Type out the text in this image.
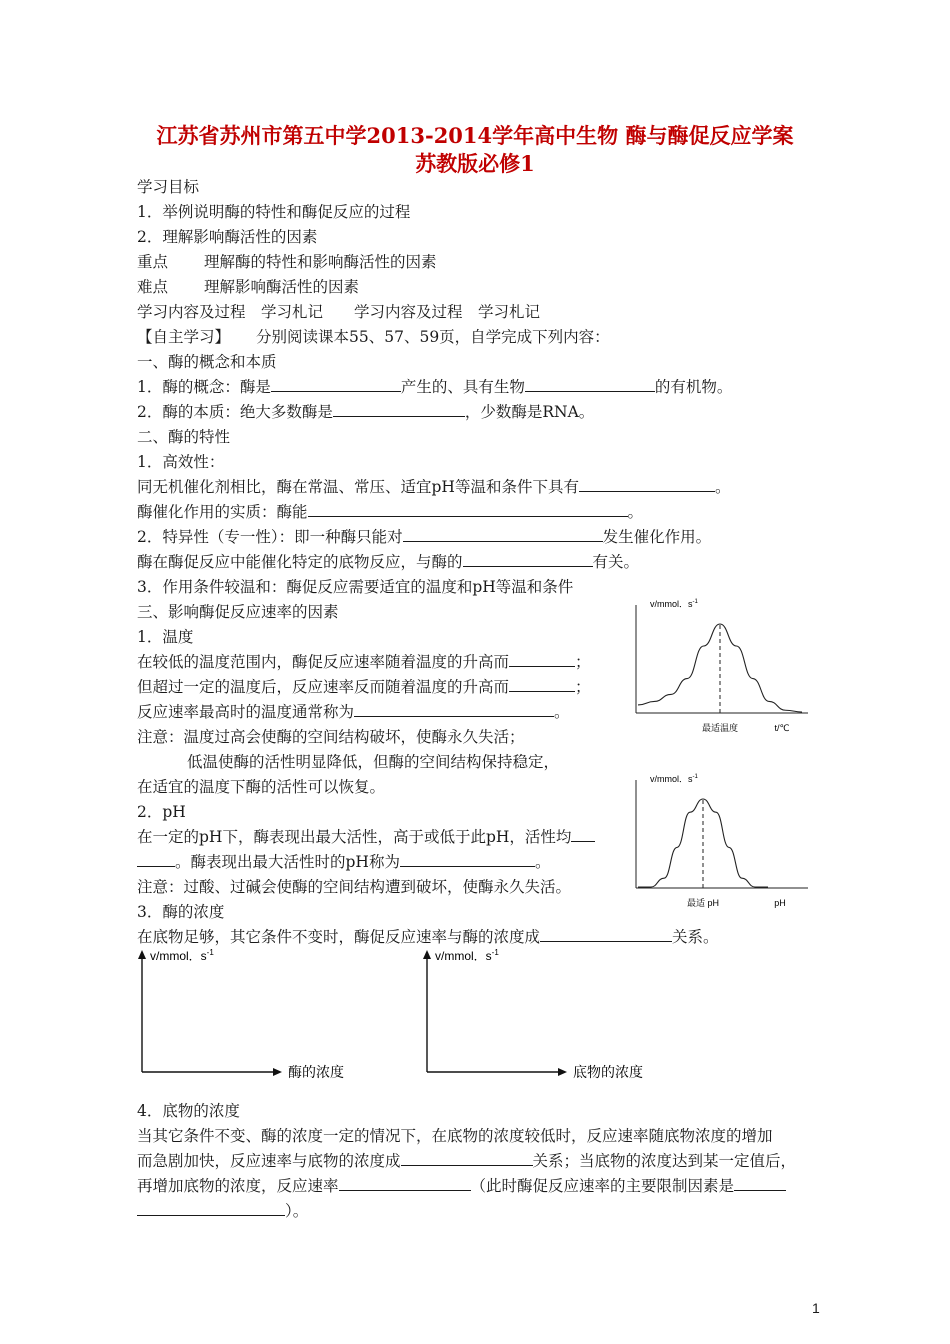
江苏省苏州市第五中学2013-2014学年高中生物 酶与酶促反应学案
苏教版必修1
学习目标
1．举例说明酶的特性和酶促反应的过程
2．理解影响酶活性的因素
重点 理解酶的特性和影响酶活性的因素
难点 理解影响酶活性的因素
学习内容及过程　学习札记　　学习内容及过程　学习札记
【自主学习】 分别阅读课本55、57、59页，自学完成下列内容：
一、酶的概念和本质
1．酶的概念：酶是	产生的、具有生物	的有机物。
2．酶的本质：绝大多数酶是	，少数酶是RNA。
二、酶的特性
1．高效性：
同无机催化剂相比，酶在常温、常压、适宜pH等温和条件下具有	。
酶催化作用的实质：酶能	。
2．特异性（专一性）：即一种酶只能对	发生催化作用。
酶在酶促反应中能催化特定的底物反应，与酶的	有关。
3．作用条件较温和：酶促反应需要适宜的温度和pH等温和条件
三、影响酶促反应速率的因素
1．温度
在较低的温度范围内，酶促反应速率随着温度的升高而	；
但超过一定的温度后，反应速率反而随着温度的升高而	；
反应速率最高时的温度通常称为	。
注意：温度过高会使酶的空间结构破坏，使酶永久失活；
低温使酶的活性明显降低，但酶的空间结构保持稳定，
在适宜的温度下酶的活性可以恢复。
2．pH
在一定的pH下，酶表现出最大活性，高于或低于此pH，活性均
。酶表现出最大活性时的pH称为	。
注意：过酸、过碱会使酶的空间结构遭到破坏，使酶永久失活。
3．酶的浓度
在底物足够，其它条件不变时，酶促反应速率与酶的浓度成	关系。
4．底物的浓度
当其它条件不变、酶的浓度一定的情况下，在底物的浓度较低时，反应速率随底物浓度的增加
而急剧加快，反应速率与底物的浓度成	关系；当底物的浓度达到某一定值后，
再增加底物的浓度，反应速率	（此时酶促反应速率的主要限制因素是
）。
v/mmol．$s^{-1}$
最适温度	t/℃
v/mmol．$s^{-1}$
最适 pH	pH
v/mmol．$s^{-1}$
酶的浓度
v/mmol．$s^{-1}$
底物的浓度
1
